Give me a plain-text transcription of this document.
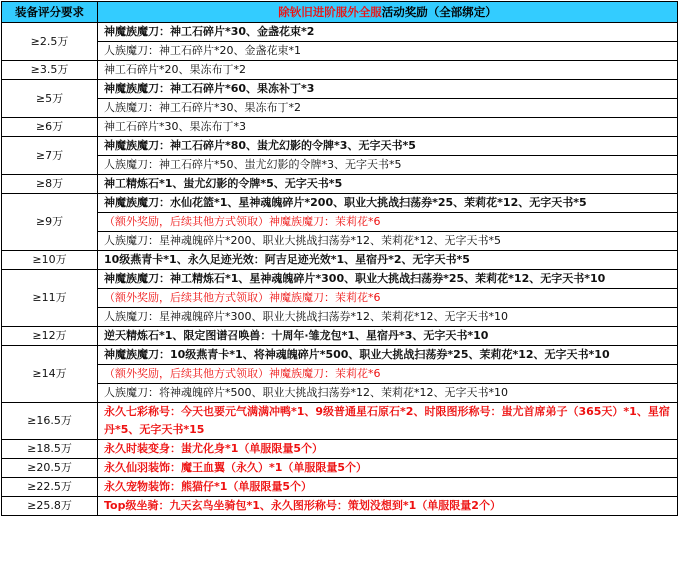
装备评分要求	除钬旧进阶服外全服活动奖励（全部绑定）
≥2.5万	神魔族魔刀：神工石碎片*30、金盏花束*2
	人族魔刀：神工石碎片*20、金盏花束*1
≥3.5万	神工石碎片*20、果冻布丁*2
≥5万	神魔族魔刀：神工石碎片*60、果冻补丁*3
	人族魔刀：神工石碎片*30、果冻布丁*2
≥6万	神工石碎片*30、果冻布丁*3
≥7万	神魔族魔刀：神工石碎片*80、蚩尤幻影的令牌*3、无字天书*5
	人族魔刀：神工石碎片*50、蚩尤幻影的令牌*3、无字天书*5
≥8万	神工精炼石*1、蚩尤幻影的令牌*5、无字天书*5
≥9万	神魔族魔刀：水仙花篮*1、星神魂魄碎片*200、职业大挑战扫荡券*25、茉莉花*12、无字天书*5
	（额外奖励，后续其他方式领取）神魔族魔刀：茉莉花*6
	人族魔刀：星神魂魄碎片*200、职业大挑战扫荡券*12、茉莉花*12、无字天书*5
≥10万	10级燕青卡*1、永久足迹光效：阿吉足迹光效*1、星宿丹*2、无字天书*5
≥11万	神魔族魔刀：神工精炼石*1、星神魂魄碎片*300、职业大挑战扫荡券*25、茉莉花*12、无字天书*10
	（额外奖励，后续其他方式领取）神魔族魔刀：茉莉花*6
	人族魔刀：星神魂魄碎片*300、职业大挑战扫荡券*12、茉莉花*12、无字天书*10
≥12万	逆天精炼石*1、限定图谱召唤兽：十周年·雏龙包*1、星宿丹*3、无字天书*10
≥14万	神魔族魔刀：10级燕青卡*1、将神魂魄碎片*500、职业大挑战扫荡券*25、茉莉花*12、无字天书*10
	（额外奖励，后续其他方式领取）神魔族魔刀：茉莉花*6
	人族魔刀：将神魂魄碎片*500、职业大挑战扫荡券*12、茉莉花*12、无字天书*10
≥16.5万	永久七彩称号：今天也要元气满满冲鸭*1、9级普通星石原石*2、时限图形称号：蚩尤首席弟子（365天）*1、星宿丹*5、无字天书*15
≥18.5万	永久时装变身：蚩尤化身*1（单服限量5个）
≥20.5万	永久仙羽装饰：魔王血翼（永久）*1（单服限量5个）
≥22.5万	永久宠物装饰：熊猫仔*1（单服限量5个）
≥25.8万	Top级坐骑：九天玄鸟坐骑包*1、永久图形称号：策划没想到*1（单服限量2个）
